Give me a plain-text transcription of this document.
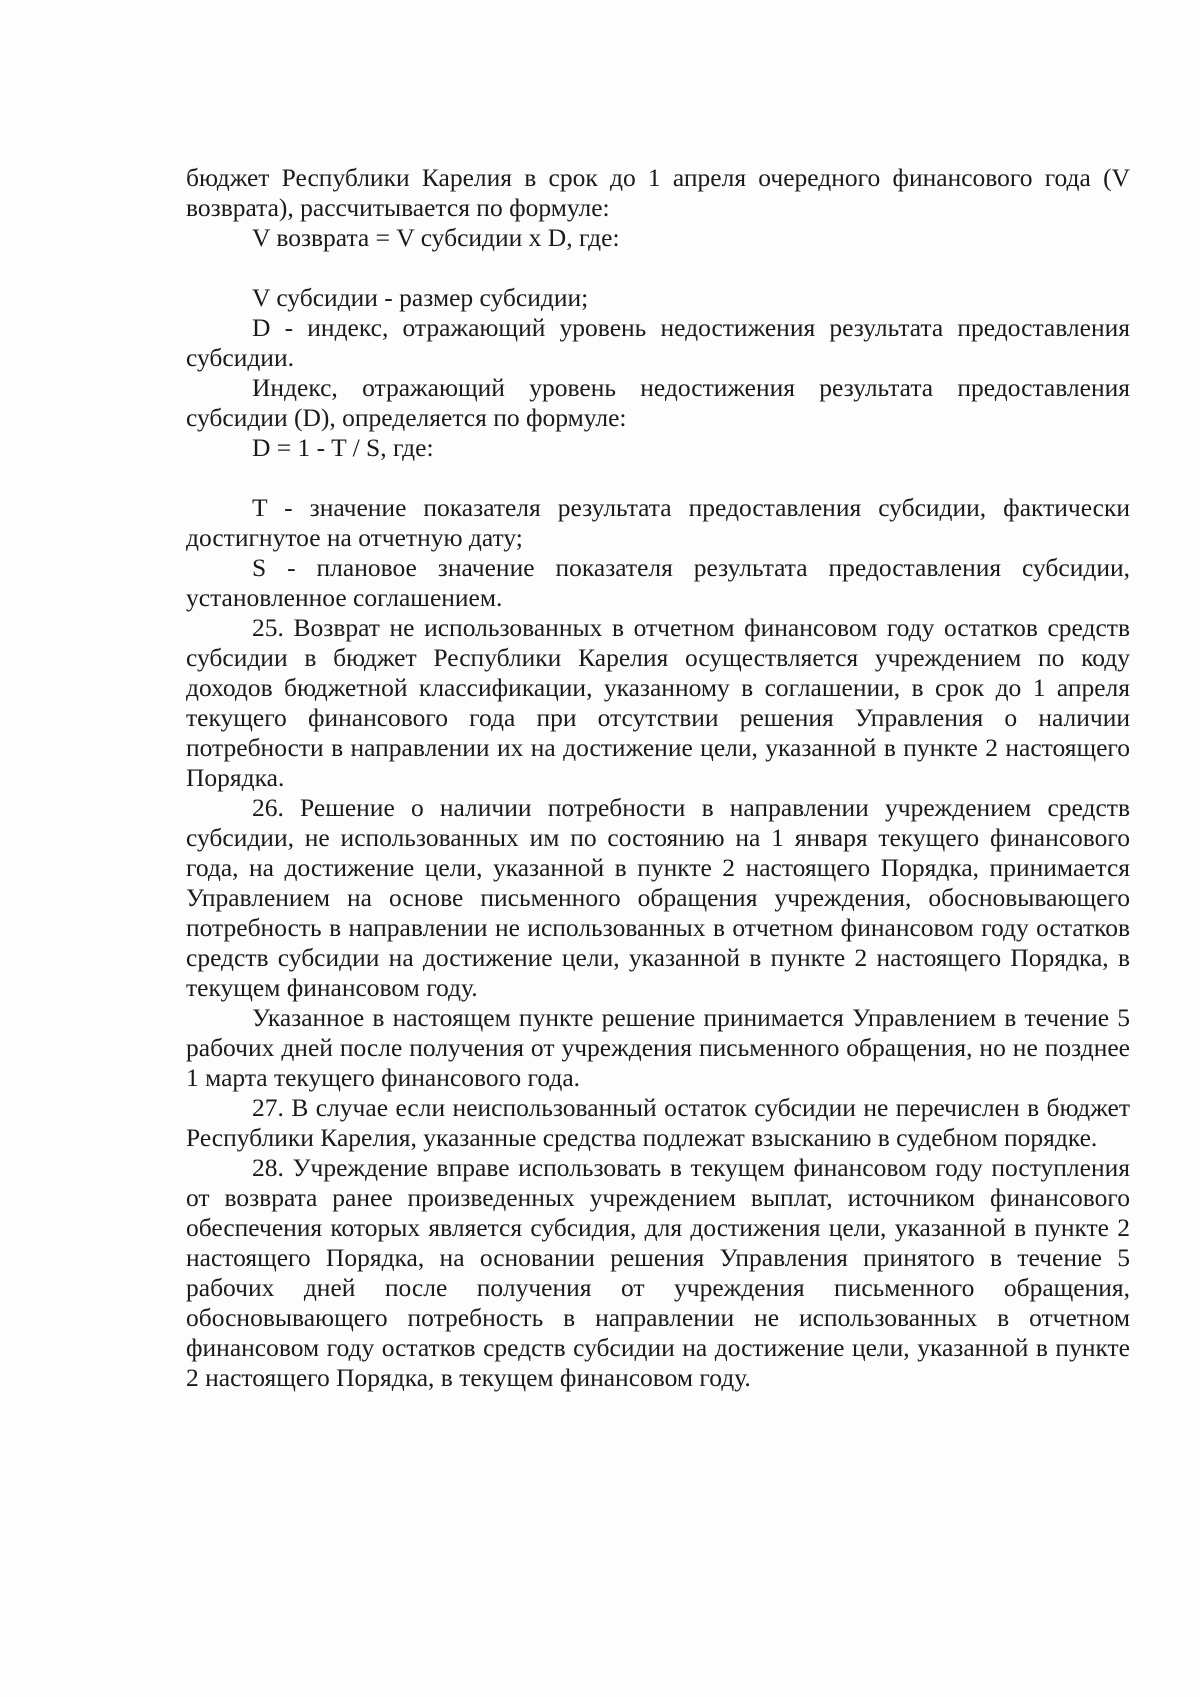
бюджет Республики Карелия в срок до 1 апреля очередного финансового года (V возврата), рассчитывается по формуле:

V возврата = V субсидии x D, где:

V субсидии - размер субсидии;

D - индекс, отражающий уровень недостижения результата предоставления субсидии.

Индекс, отражающий уровень недостижения результата предоставления субсидии (D), определяется по формуле:

D = 1 - T / S, где:

T - значение показателя результата предоставления субсидии, фактически достигнутое на отчетную дату;

S - плановое значение показателя результата предоставления субсидии, установленное соглашением.

25. Возврат не использованных в отчетном финансовом году остатков средств субсидии в бюджет Республики Карелия осуществляется учреждением по коду доходов бюджетной классификации, указанному в соглашении, в срок до 1 апреля текущего финансового года при отсутствии решения Управления о наличии потребности в направлении их на достижение цели, указанной в пункте 2 настоящего Порядка.

26. Решение о наличии потребности в направлении учреждением средств субсидии, не использованных им по состоянию на 1 января текущего финансового года, на достижение цели, указанной в пункте 2 настоящего Порядка, принимается Управлением на основе письменного обращения учреждения, обосновывающего потребность в направлении не использованных в отчетном финансовом году остатков средств субсидии на достижение цели, указанной в пункте 2 настоящего Порядка, в текущем финансовом году.

Указанное в настоящем пункте решение принимается Управлением в течение 5 рабочих дней после получения от учреждения письменного обращения, но не позднее 1 марта текущего финансового года.

27. В случае если неиспользованный остаток субсидии не перечислен в бюджет Республики Карелия, указанные средства подлежат взысканию в судебном порядке.

28. Учреждение вправе использовать в текущем финансовом году поступления от возврата ранее произведенных учреждением выплат, источником финансового обеспечения которых является субсидия, для достижения цели, указанной в пункте 2 настоящего Порядка, на основании решения Управления принятого в течение 5 рабочих дней после получения от учреждения письменного обращения, обосновывающего потребность в направлении не использованных в отчетном финансовом году остатков средств субсидии на достижение цели, указанной в пункте 2 настоящего Порядка, в текущем финансовом году.
